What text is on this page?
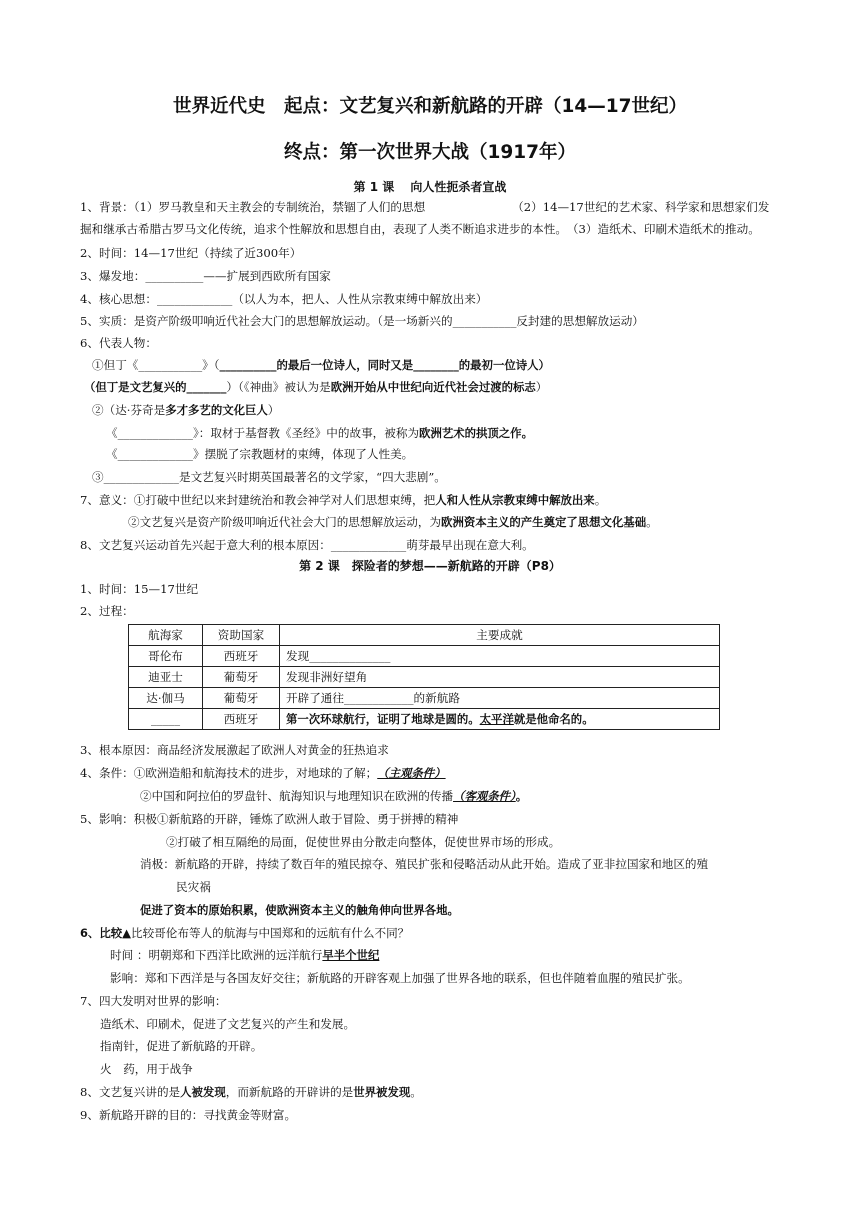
世界近代史　起点：文艺复兴和新航路的开辟（14—17世纪）
终点：第一次世界大战（1917年）
第 1 课　 向人性扼杀者宣战
1、背景：（1）罗马教皇和天主教会的专制统治，禁锢了人们的思想　　　　　　　　（2）14—17世纪的艺术家、科学家和思想家们发
掘和继承古希腊古罗马文化传统，追求个性解放和思想自由，表现了人类不断追求进步的本性。　（3）造纸术、印刷术造纸术的推动。
2、时间：14—17世纪（持续了近300年）
3、爆发地：__________——扩展到西欧所有国家
4、核心思想：_____________（以人为本，把人、人性从宗教束缚中解放出来）
5、实质：是资产阶级叩响近代社会大门的思想解放运动。（是一场新兴的___________反封建的思想解放运动）
6、代表人物：
①但丁《___________》（__________的最后一位诗人，同时又是________的最初一位诗人）
（但丁是文艺复兴的_______）（《神曲》被认为是欧洲开始从中世纪向近代社会过渡的标志）
②（达·芬奇是多才多艺的文化巨人）
《_____________》：取材于基督教《圣经》中的故事，被称为欧洲艺术的拱顶之作。
《_____________》摆脱了宗教题材的束缚，体现了人性美。
③_____________是文艺复兴时期英国最著名的文学家，“四大悲剧”。
7、意义：①打破中世纪以来封建统治和教会神学对人们思想束缚，把人和人性从宗教束缚中解放出来。
②文艺复兴是资产阶级叩响近代社会大门的思想解放运动，为欧洲资本主义的产生奠定了思想文化基础。
8、文艺复兴运动首先兴起于意大利的根本原因：_____________萌芽最早出现在意大利。
第 2 课　探险者的梦想——新航路的开辟（P8）
1、时间：15—17世纪
2、过程：
航海家	资助国家	主要成就
哥伦布	西班牙	发现______________
迪亚士	葡萄牙	发现非洲好望角
达·伽马	葡萄牙	开辟了通往____________的新航路
_____	西班牙	第一次环球航行，证明了地球是圆的。太平洋就是他命名的。
3、根本原因：商品经济发展激起了欧洲人对黄金的狂热追求
4、条件：①欧洲造船和航海技术的进步，对地球的了解；（主观条件）
②中国和阿拉伯的罗盘针、航海知识与地理知识在欧洲的传播（客观条件）。
5、影响：积极①新航路的开辟，锤炼了欧洲人敢于冒险、勇于拼搏的精神
②打破了相互隔绝的局面，促使世界由分散走向整体，促使世界市场的形成。
消极：新航路的开辟，持续了数百年的殖民掠夺、殖民扩张和侵略活动从此开始。造成了亚非拉国家和地区的殖
民灾祸
促进了资本的原始积累，使欧洲资本主义的触角伸向世界各地。
6、比较▲比较哥伦布等人的航海与中国郑和的远航有什么不同？
时间 ：明朝郑和下西洋比欧洲的远洋航行早半个世纪
影响：郑和下西洋是与各国友好交往；新航路的开辟客观上加强了世界各地的联系，但也伴随着血腥的殖民扩张。
7、四大发明对世界的影响：
造纸术、印刷术，促进了文艺复兴的产生和发展。
指南针，促进了新航路的开辟。
火　药，用于战争
8、文艺复兴讲的是人被发现，而新航路的开辟讲的是世界被发现。
9、新航路开辟的目的：寻找黄金等财富。
